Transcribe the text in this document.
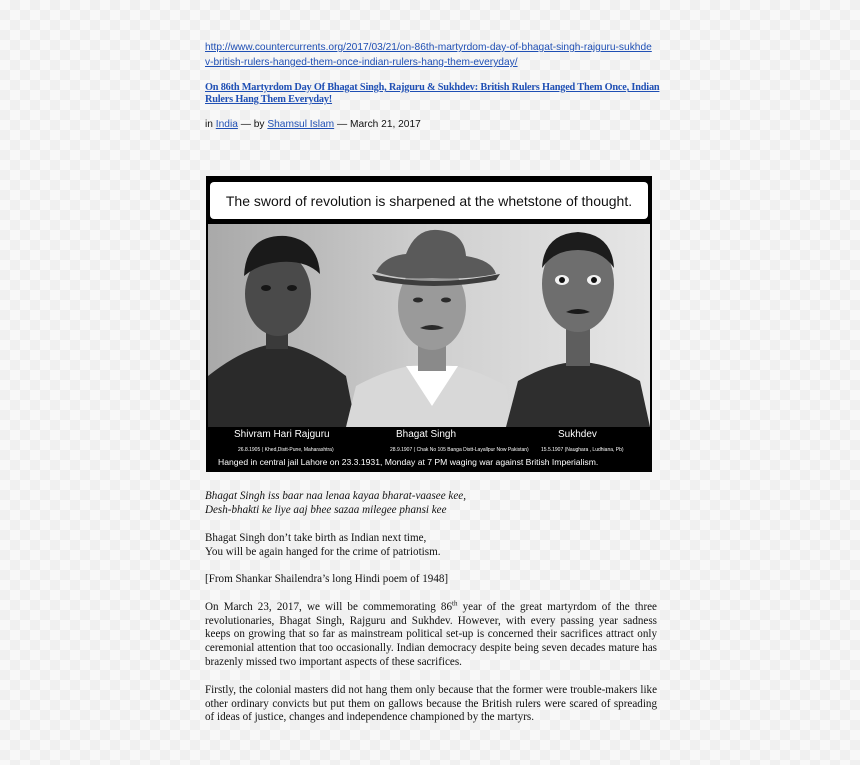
http://www.countercurrents.org/2017/03/21/on-86th-martyrdom-day-of-bhagat-singh-rajguru-sukhdev-british-rulers-hanged-them-once-indian-rulers-hang-them-everyday/
On 86th Martyrdom Day Of Bhagat Singh, Rajguru & Sukhdev: British Rulers Hanged Them Once, Indian Rulers Hang Them Everyday!
in India — by Shamsul Islam — March 21, 2017
The sword of revolution is sharpened at the whetstone of thought.
Shivram Hari Rajguru	Bhagat Singh	Sukhdev
26.8.1905 ( Khed,Distt-Pune, Maharashtra)	28.9.1907 ( Chak No 105 Banga Distt-Layallpur Now Pakistan) 15.5.1907 (Naughara , Ludhiana, Pb)
Hanged in central jail Lahore on 23.3.1931, Monday at 7 PM waging war against British Imperialism.
Bhagat Singh iss baar naa lenaa kayaa bharat-vaasee kee,
Desh-bhakti ke liye aaj bhee sazaa milegee phansi kee
Bhagat Singh don’t take birth as Indian next time,
You will be again hanged for the crime of patriotism.
[From Shankar Shailendra’s long Hindi poem of 1948]
On March 23, 2017, we will be commemorating 86th year of the great martyrdom of the three revolutionaries, Bhagat Singh, Rajguru and Sukhdev. However, with every passing year sadness keeps on growing that so far as mainstream political set-up is concerned their sacrifices attract only ceremonial attention that too occasionally. Indian democracy despite being seven decades mature has brazenly missed two important aspects of these sacrifices.
Firstly, the colonial masters did not hang them only because that the former were trouble-makers like other ordinary convicts but put them on gallows because the British rulers were scared of spreading of ideas of justice, changes and independence championed by the martyrs.
